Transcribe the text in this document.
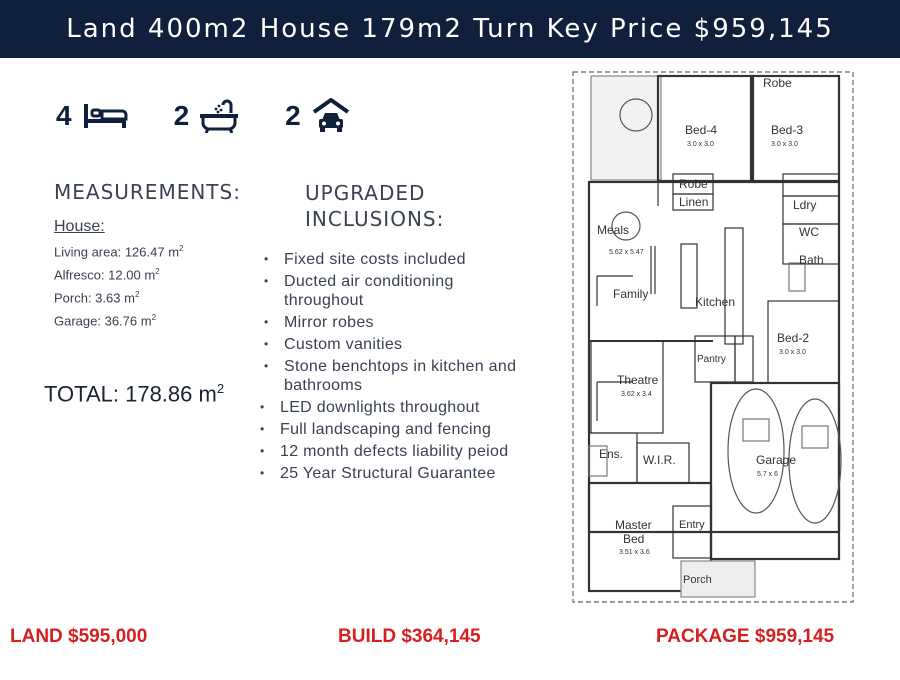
Land 400m2 House 179m2 Turn Key Price $959,145
4	2	2
MEASUREMENTS:
House:
Living area: 126.47 $m^2$
Alfresco: 12.00 $m^2$
Porch: 3.63 $m^2$
Garage: 36.76 $m^2$
TOTAL: 178.86 $m^2$
UPGRADED
INCLUSIONS:
• Fixed site costs included
• Ducted air conditioning throughout
• Mirror robes
• Custom vanities
• Stone benchtops in kitchen and bathrooms
• LED downlights throughout
• Full landscaping and fencing
• 12 month defects liability peiod
• 25 Year Structural Guarantee
LAND $595,000	BUILD $364,145	PACKAGE $959,145
Robe
Bed-4	Bed-3
Robe
Linen	Ldry
WC
Bath
Meals
Family
Kitchen
Pantry
Bed-2
Theatre
Ens. W.I.R.	Garage
Master
Bed
Entry
Porch
3.0 x 3.0
3.0 x 3.0
5.62 x 5.47
3.0 x 3.0
3.62 x 3.4
5.7 x 6
3.51 x 3.6
